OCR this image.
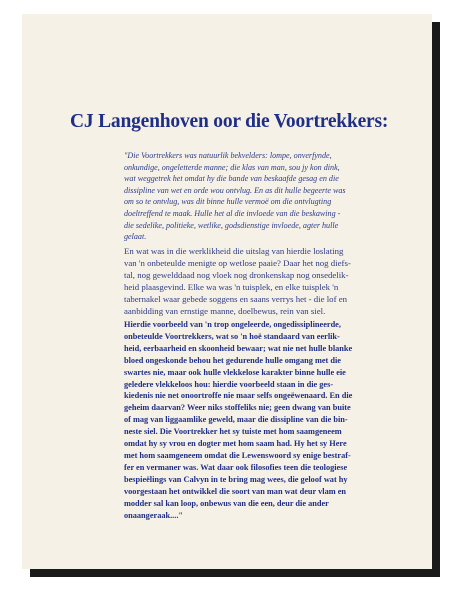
CJ Langenhoven oor die Voortrekkers:
"Die Voortrekkers was natuurlik bekvelders: lompe, onverfynde,
onkundige, ongeletterde manne; die klas van man, sou jy kon dink,
wat weggetrek het omdat hy die bande van beskaafde gesag en die
dissipline van wet en orde wou ontvlug. En as dit hulle begeerte was
om so te ontvlug, was dit binne hulle vermoë om die ontvlugting
doeltreffend te maak. Hulle het al die invloede van die beskawing -
die sedelike, politieke, wetlike, godsdienstige invloede, agter hulle
gelaat.
En wat was in die werklikheid die uitslag van hierdie loslating
van 'n onbeteulde menigte op wetlose paaie? Daar het nog diefs-
tal, nog gewelddaad nog vloek nog dronkenskap nog onsedelik-
heid plaasgevind. Elke wa was 'n tuisplek, en elke tuisplek 'n
tabernakel waar gebede soggens en saans verrys het - die lof en
aanbidding van ernstige manne, doelbewus, rein van siel.
Hierdie voorbeeld van 'n trop ongeleerde, ongedissiplineerde,
onbeteulde Voortrekkers, wat so 'n hoë standaard van eerlik-
heid, eerbaarheid en skoonheid bewaar; wat nie net hulle blanke
bloed ongeskonde behou het gedurende hulle omgang met die
swartes nie, maar ook hulle vlekkelose karakter binne hulle eie
geledere vlekkeloos hou: hierdie voorbeeld staan in die ges-
kiedenis nie net onoortroffe nie maar selfs ongeëwenaard. En die
geheim daarvan? Weer niks stoffeliks nie; geen dwang van buite
of mag van liggaamlike geweld, maar die dissipline van die bin-
neste siel. Die Voortrekker het sy tuiste met hom saamgeneem
omdat hy sy vrou en dogter met hom saam had. Hy het sy Here
met hom saamgeneem omdat die Lewenswoord sy enige bestraf-
fer en vermaner was. Wat daar ook filosofies teen die teologiese
bespieëlings van Calvyn in te bring mag wees, die geloof wat hy
voorgestaan het ontwikkel die soort van man wat deur vlam en
modder sal kan loop, onbewus van die een, deur die ander
onaangeraak...."
